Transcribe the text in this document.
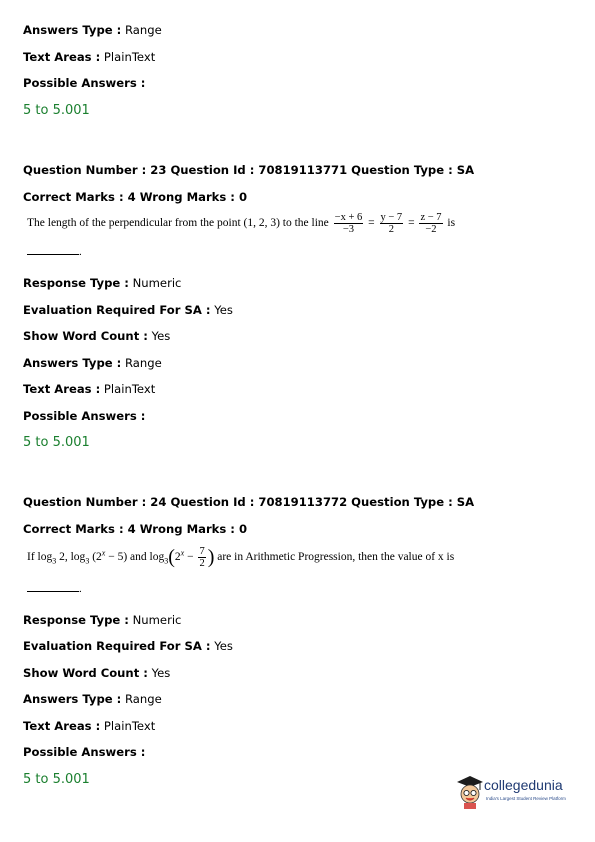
Answers Type : Range
Text Areas : PlainText
Possible Answers :
5 to 5.001
Question Number : 23 Question Id : 70819113771 Question Type : SA
Correct Marks : 4 Wrong Marks : 0
The length of the perpendicular from the point (1, 2, 3) to the line $\frac{-x + 6}{-3} = \frac{y - 7}{2} = \frac{z - 7}{-2}$ is
.
Response Type : Numeric
Evaluation Required For SA : Yes
Show Word Count : Yes
Answers Type : Range
Text Areas : PlainText
Possible Answers :
5 to 5.001
Question Number : 24 Question Id : 70819113772 Question Type : SA
Correct Marks : 4 Wrong Marks : 0
If $\log_3 2$, $\log_3 (2^x - 5)$ and $\log_3(2^x - \frac{7}{2}$ ) are in Arithmetic Progression, then the value of x is
.
Response Type : Numeric
Evaluation Required For SA : Yes
Show Word Count : Yes
Answers Type : Range
Text Areas : PlainText
Possible Answers :
5 to 5.001	collegedunia
India's Largest Student Review Platform
